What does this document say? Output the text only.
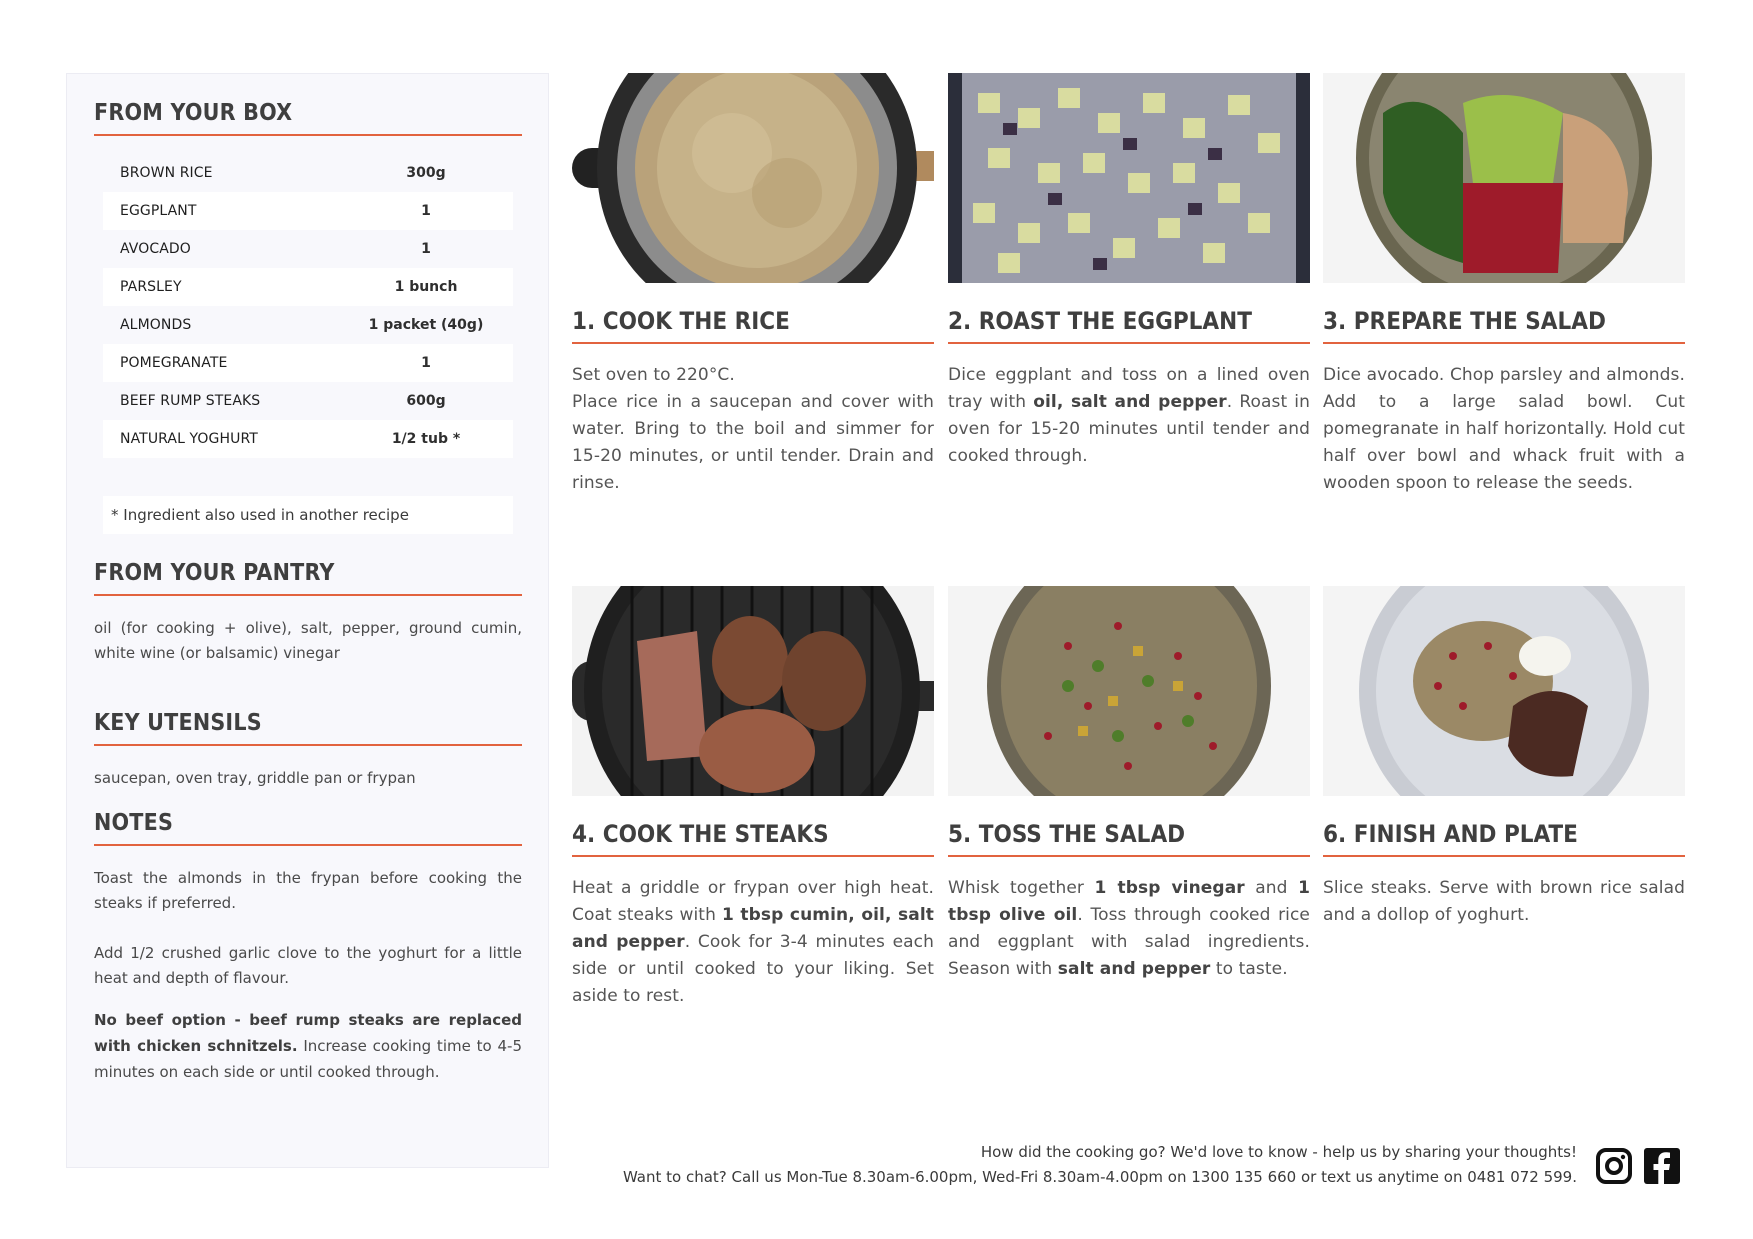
FROM YOUR BOX
BROWN RICE	300g
EGGPLANT	1
AVOCADO	1
PARSLEY	1 bunch
ALMONDS	1 packet (40g)
POMEGRANATE	1
BEEF RUMP STEAKS	600g
NATURAL YOGHURT	1/2 tub *
* Ingredient also used in another recipe
FROM YOUR PANTRY
oil (for cooking + olive), salt, pepper, ground cumin, white wine (or balsamic) vinegar
KEY UTENSILS
saucepan, oven tray, griddle pan or frypan
NOTES
Toast the almonds in the frypan before cooking the steaks if preferred.
Add 1/2 crushed garlic clove to the yoghurt for a little heat and depth of flavour.
No beef option - beef rump steaks are replaced with chicken schnitzels. Increase cooking time to 4-5 minutes on each side or until cooked through.
1. COOK THE RICE
Set oven to 220°C.
Place rice in a saucepan and cover with water. Bring to the boil and simmer for 15-20 minutes, or until tender. Drain and rinse.
2. ROAST THE EGGPLANT
Dice eggplant and toss on a lined oven tray with oil, salt and pepper. Roast in oven for 15-20 minutes until tender and cooked through.
3. PREPARE THE SALAD
Dice avocado. Chop parsley and almonds. Add to a large salad bowl. Cut pomegranate in half horizontally. Hold cut half over bowl and whack fruit with a wooden spoon to release the seeds.
4. COOK THE STEAKS
Heat a griddle or frypan over high heat. Coat steaks with 1 tbsp cumin, oil, salt and pepper. Cook for 3-4 minutes each side or until cooked to your liking. Set aside to rest.
5. TOSS THE SALAD
Whisk together 1 tbsp vinegar and 1 tbsp olive oil. Toss through cooked rice and eggplant with salad ingredients. Season with salt and pepper to taste.
6. FINISH AND PLATE
Slice steaks. Serve with brown rice salad and a dollop of yoghurt.
How did the cooking go? We'd love to know - help us by sharing your thoughts!
Want to chat? Call us Mon-Tue 8.30am-6.00pm, Wed-Fri 8.30am-4.00pm on 1300 135 660 or text us anytime on 0481 072 599.
